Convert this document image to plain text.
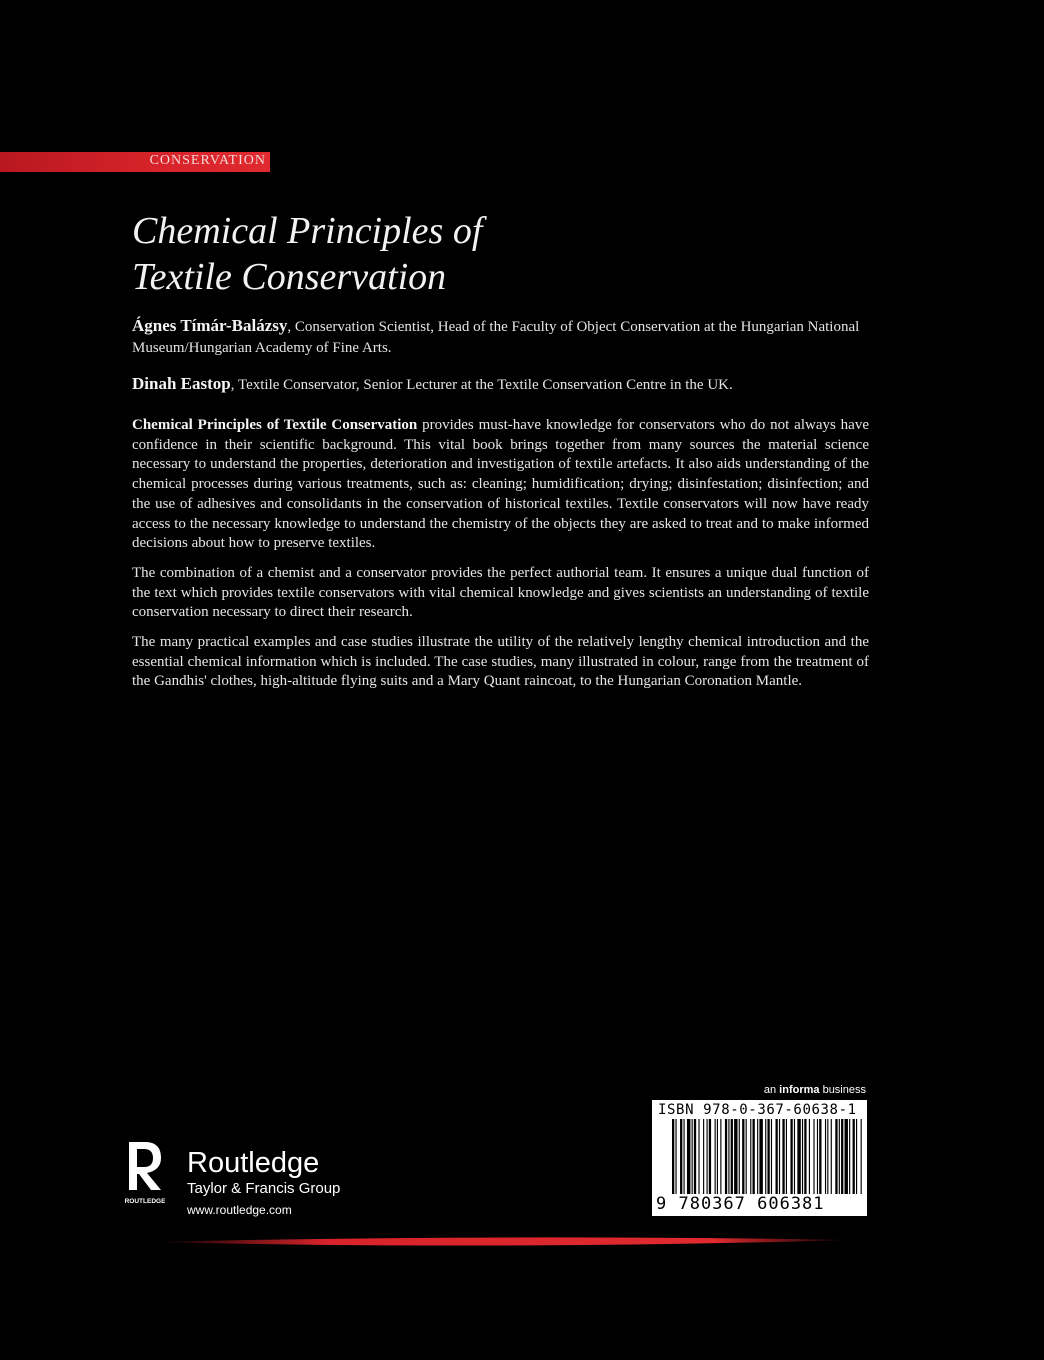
CONSERVATION
Chemical Principles of
Textile Conservation

Ágnes Tímár-Balázsy, Conservation Scientist, Head of the Faculty of Object Conservation at the Hungarian National Museum/Hungarian Academy of Fine Arts.

Dinah Eastop, Textile Conservator, Senior Lecturer at the Textile Conservation Centre in the UK.

Chemical Principles of Textile Conservation provides must-have knowledge for conservators who do not always have confidence in their scientific background. This vital book brings together from many sources the material science necessary to understand the properties, deterioration and investigation of textile artefacts. It also aids understanding of the chemical processes during various treatments, such as: cleaning; humidification; drying; disinfestation; disinfection; and the use of adhesives and consolidants in the conservation of historical textiles. Textile conservators will now have ready access to the necessary knowledge to understand the chemistry of the objects they are asked to treat and to make informed decisions about how to preserve textiles.

The combination of a chemist and a conservator provides the perfect authorial team. It ensures a unique dual function of the text which provides textile conservators with vital chemical knowledge and gives scientists an understanding of textile conservation necessary to direct their research.

The many practical examples and case studies illustrate the utility of the relatively lengthy chemical introduction and the essential chemical information which is included. The case studies, many illustrated in colour, range from the treatment of the Gandhis' clothes, high-altitude flying suits and a Mary Quant raincoat, to the Hungarian Coronation Mantle.

an informa business
ISBN 978-0-367-60638-1
9 780367 606381
ROUTLEDGE
Routledge
Taylor & Francis Group
www.routledge.com
